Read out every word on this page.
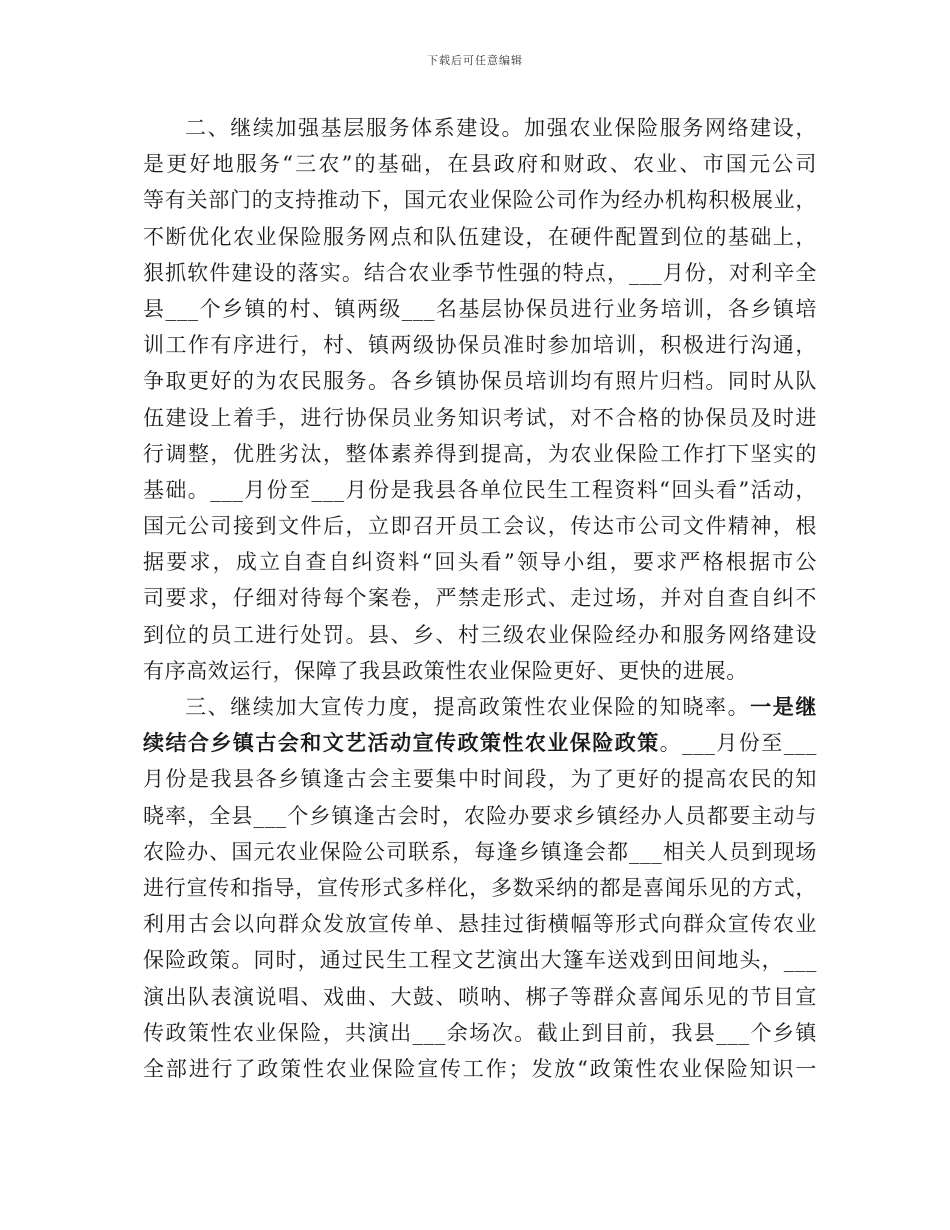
下载后可任意编辑
二、继续加强基层服务体系建设。加强农业保险服务网络建设，
是更好地服务“三农”的基础，在县政府和财政、农业、市国元公司
等有关部门的支持推动下，国元农业保险公司作为经办机构积极展业，
不断优化农业保险服务网点和队伍建设，在硬件配置到位的基础上，
狠抓软件建设的落实。结合农业季节性强的特点，___月份，对利辛全
县___个乡镇的村、镇两级___名基层协保员进行业务培训，各乡镇培
训工作有序进行，村、镇两级协保员准时参加培训，积极进行沟通，
争取更好的为农民服务。各乡镇协保员培训均有照片归档。同时从队
伍建设上着手，进行协保员业务知识考试，对不合格的协保员及时进
行调整，优胜劣汰，整体素养得到提高，为农业保险工作打下坚实的
基础。___月份至___月份是我县各单位民生工程资料“回头看”活动，
国元公司接到文件后，立即召开员工会议，传达市公司文件精神，根
据要求，成立自查自纠资料“回头看”领导小组，要求严格根据市公
司要求，仔细对待每个案卷，严禁走形式、走过场，并对自查自纠不
到位的员工进行处罚。县、乡、村三级农业保险经办和服务网络建设
有序高效运行，保障了我县政策性农业保险更好、更快的进展。
三、继续加大宣传力度，提高政策性农业保险的知晓率。一是继
续结合乡镇古会和文艺活动宣传政策性农业保险政策。___月份至___
月份是我县各乡镇逢古会主要集中时间段，为了更好的提高农民的知
晓率，全县___个乡镇逢古会时，农险办要求乡镇经办人员都要主动与
农险办、国元农业保险公司联系，每逢乡镇逢会都___相关人员到现场
进行宣传和指导，宣传形式多样化，多数采纳的都是喜闻乐见的方式，
利用古会以向群众发放宣传单、悬挂过街横幅等形式向群众宣传农业
保险政策。同时，通过民生工程文艺演出大篷车送戏到田间地头，___
演出队表演说唱、戏曲、大鼓、唢呐、梆子等群众喜闻乐见的节目宣
传政策性农业保险，共演出___余场次。截止到目前，我县___个乡镇
全部进行了政策性农业保险宣传工作；发放“政策性农业保险知识一
